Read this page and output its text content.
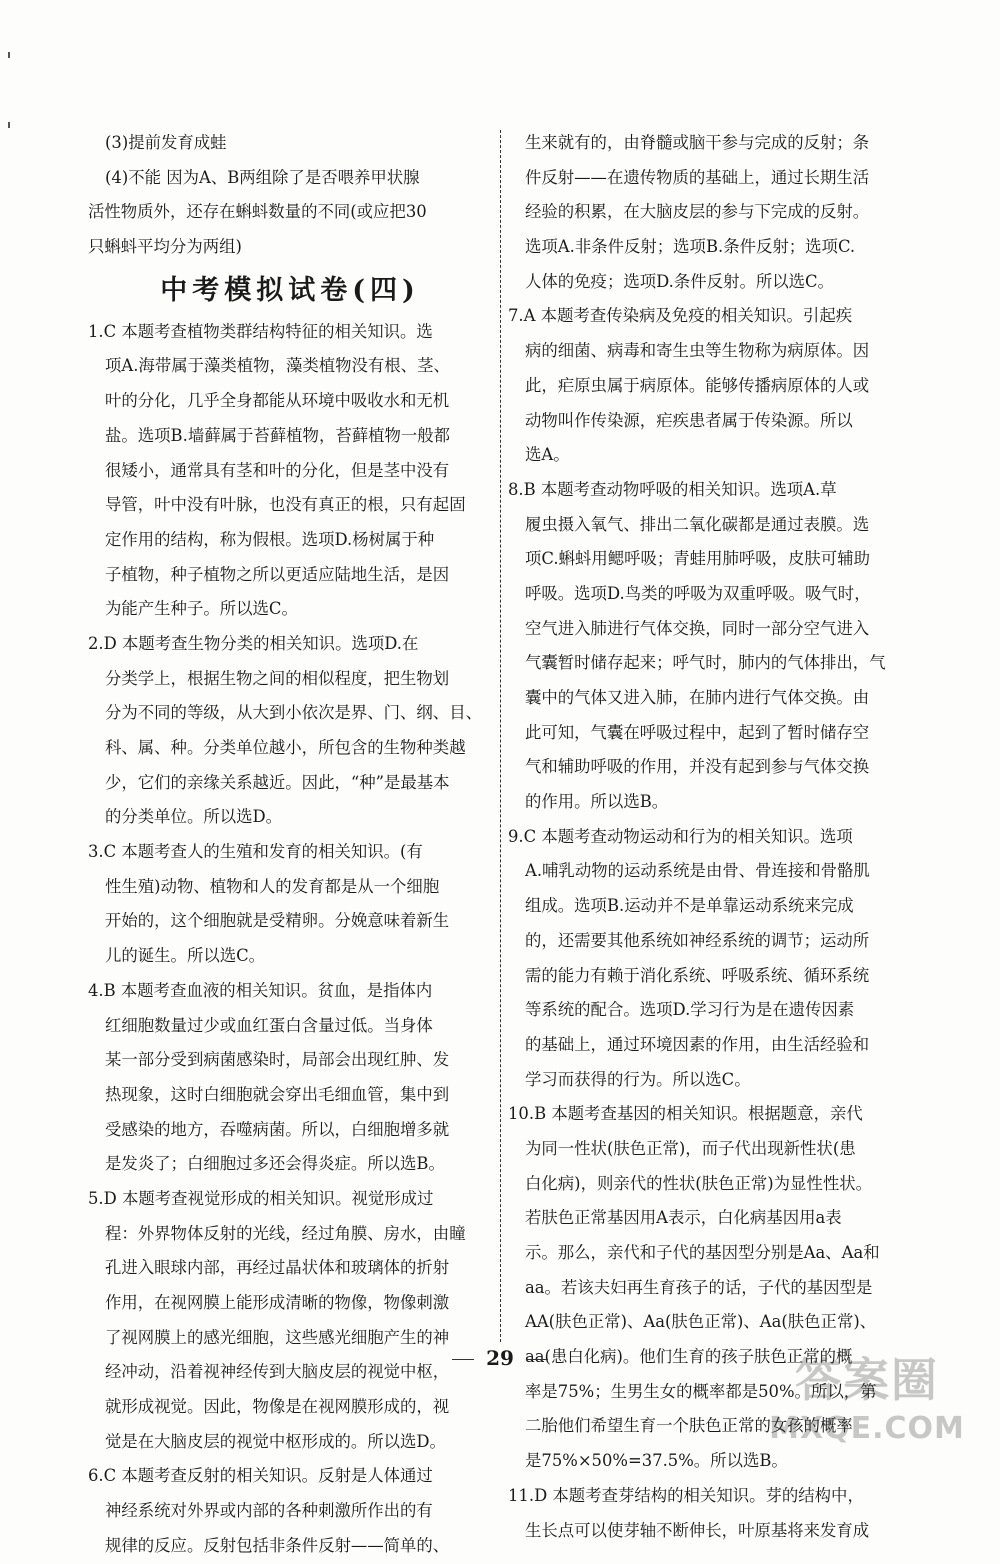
(3)提前发育成蛙
(4)不能 因为A、B两组除了是否喂养甲状腺
活性物质外，还存在蝌蚪数量的不同(或应把30
只蝌蚪平均分为两组)
中考模拟试卷(四)
1.C 本题考查植物类群结构特征的相关知识。选
项A.海带属于藻类植物，藻类植物没有根、茎、
叶的分化，几乎全身都能从环境中吸收水和无机
盐。选项B.墙藓属于苔藓植物，苔藓植物一般都
很矮小，通常具有茎和叶的分化，但是茎中没有
导管，叶中没有叶脉，也没有真正的根，只有起固
定作用的结构，称为假根。选项D.杨树属于种
子植物，种子植物之所以更适应陆地生活，是因
为能产生种子。所以选C。
2.D 本题考查生物分类的相关知识。选项D.在
分类学上，根据生物之间的相似程度，把生物划
分为不同的等级，从大到小依次是界、门、纲、目、
科、属、种。分类单位越小，所包含的生物种类越
少，它们的亲缘关系越近。因此，“种”是最基本
的分类单位。所以选D。
3.C 本题考查人的生殖和发育的相关知识。(有
性生殖)动物、植物和人的发育都是从一个细胞
开始的，这个细胞就是受精卵。分娩意味着新生
儿的诞生。所以选C。
4.B 本题考查血液的相关知识。贫血，是指体内
红细胞数量过少或血红蛋白含量过低。当身体
某一部分受到病菌感染时，局部会出现红肿、发
热现象，这时白细胞就会穿出毛细血管，集中到
受感染的地方，吞噬病菌。所以，白细胞增多就
是发炎了；白细胞过多还会得炎症。所以选B。
5.D 本题考查视觉形成的相关知识。视觉形成过
程：外界物体反射的光线，经过角膜、房水，由瞳
孔进入眼球内部，再经过晶状体和玻璃体的折射
作用，在视网膜上能形成清晰的物像，物像刺激
了视网膜上的感光细胞，这些感光细胞产生的神
经冲动，沿着视神经传到大脑皮层的视觉中枢，
就形成视觉。因此，物像是在视网膜形成的，视
觉是在大脑皮层的视觉中枢形成的。所以选D。
6.C 本题考查反射的相关知识。反射是人体通过
神经系统对外界或内部的各种刺激所作出的有
规律的反应。反射包括非条件反射——简单的、
生来就有的，由脊髓或脑干参与完成的反射；条
件反射——在遗传物质的基础上，通过长期生活
经验的积累，在大脑皮层的参与下完成的反射。
选项A.非条件反射；选项B.条件反射；选项C.
人体的免疫；选项D.条件反射。所以选C。
7.A 本题考查传染病及免疫的相关知识。引起疾
病的细菌、病毒和寄生虫等生物称为病原体。因
此，疟原虫属于病原体。能够传播病原体的人或
动物叫作传染源，疟疾患者属于传染源。所以
选A。
8.B 本题考查动物呼吸的相关知识。选项A.草
履虫摄入氧气、排出二氧化碳都是通过表膜。选
项C.蝌蚪用鳃呼吸；青蛙用肺呼吸，皮肤可辅助
呼吸。选项D.鸟类的呼吸为双重呼吸。吸气时，
空气进入肺进行气体交换，同时一部分空气进入
气囊暂时储存起来；呼气时，肺内的气体排出，气
囊中的气体又进入肺，在肺内进行气体交换。由
此可知，气囊在呼吸过程中，起到了暂时储存空
气和辅助呼吸的作用，并没有起到参与气体交换
的作用。所以选B。
9.C 本题考查动物运动和行为的相关知识。选项
A.哺乳动物的运动系统是由骨、骨连接和骨骼肌
组成。选项B.运动并不是单靠运动系统来完成
的，还需要其他系统如神经系统的调节；运动所
需的能力有赖于消化系统、呼吸系统、循环系统
等系统的配合。选项D.学习行为是在遗传因素
的基础上，通过环境因素的作用，由生活经验和
学习而获得的行为。所以选C。
10.B 本题考查基因的相关知识。根据题意，亲代
为同一性状(肤色正常)，而子代出现新性状(患
白化病)，则亲代的性状(肤色正常)为显性性状。
若肤色正常基因用A表示，白化病基因用a表
示。那么，亲代和子代的基因型分别是Aa、Aa和
aa。若该夫妇再生育孩子的话，子代的基因型是
AA(肤色正常)、Aa(肤色正常)、Aa(肤色正常)、
aa(患白化病)。他们生育的孩子肤色正常的概
率是75%；生男生女的概率都是50%。所以，第
二胎他们希望生育一个肤色正常的女孩的概率
是75%×50%=37.5%。所以选B。
11.D 本题考查芽结构的相关知识。芽的结构中，
生长点可以使芽轴不断伸长，叶原基将来发育成
29	答案圈
MXQE.COM
